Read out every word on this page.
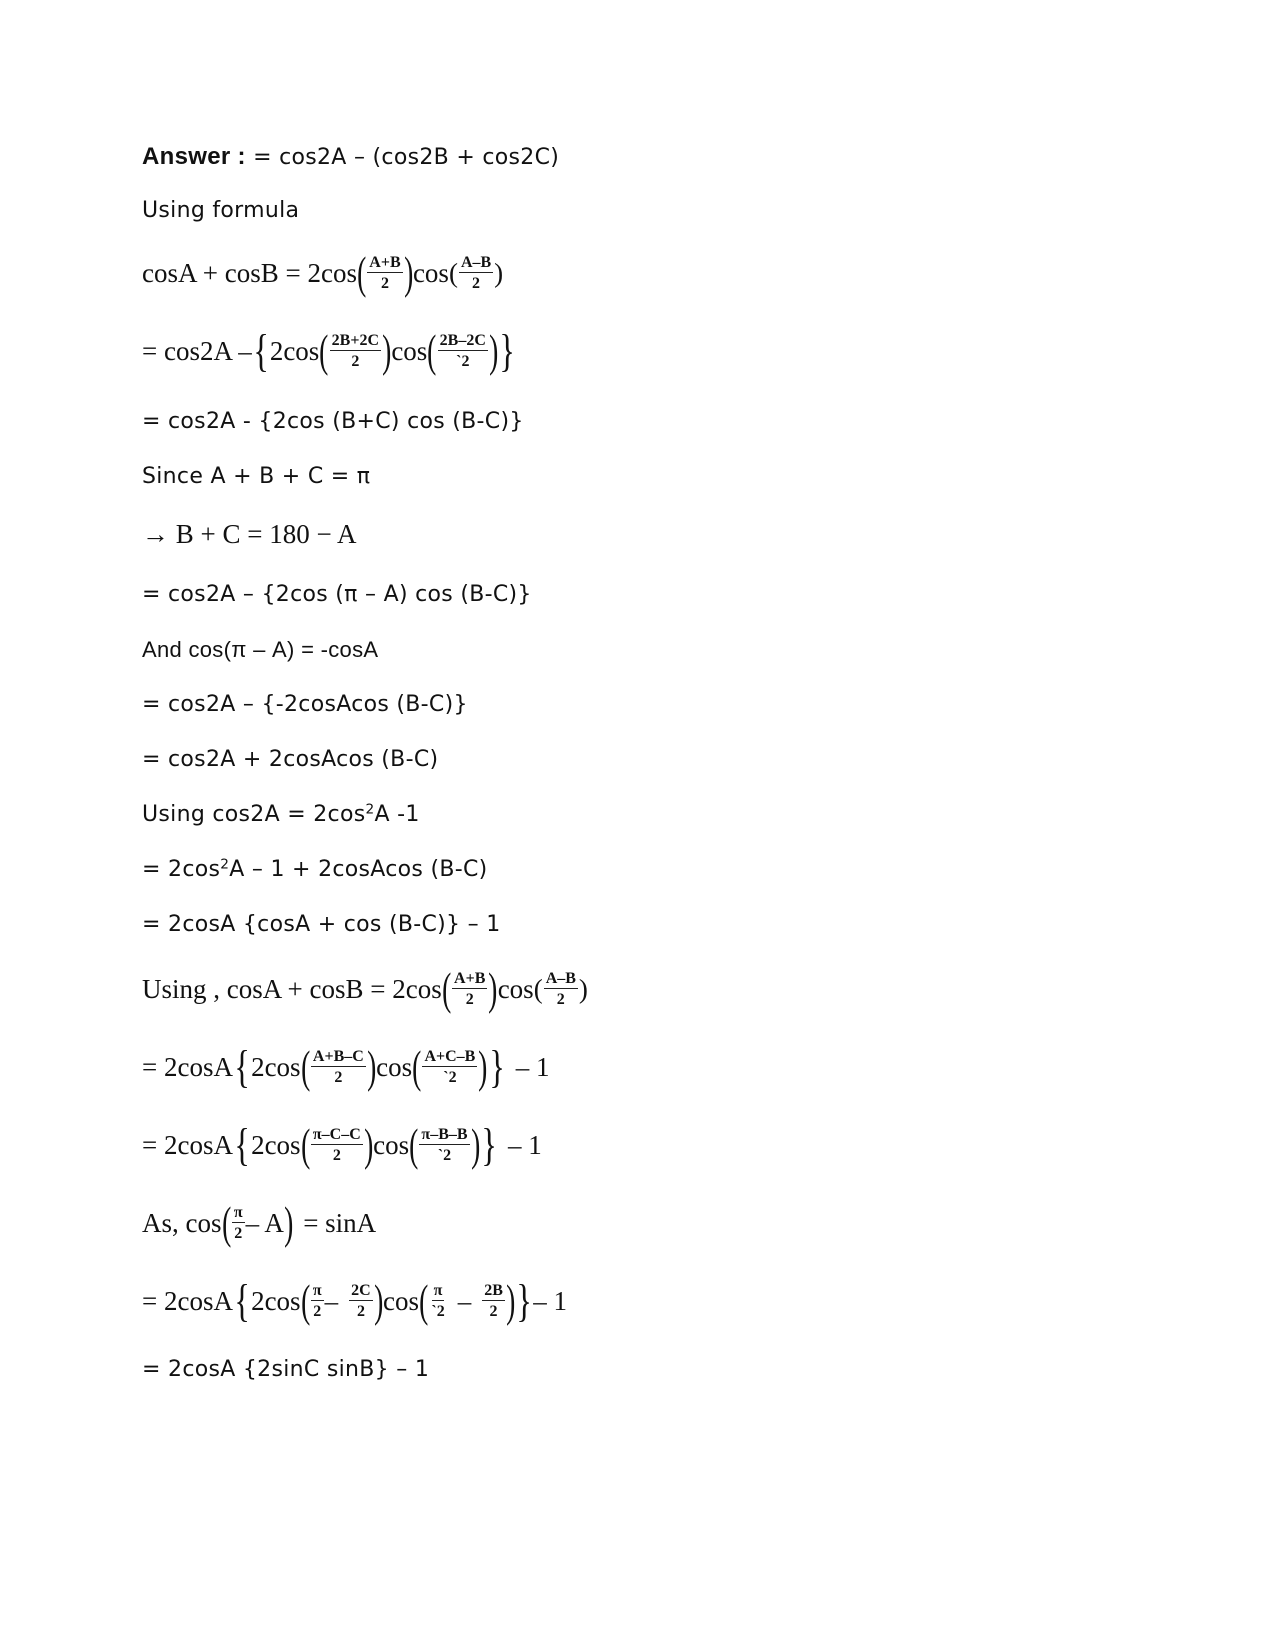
Answer : = cos2A – (cos2B + cos2C)
Using formula
cosA + cosB = 2cos ( A+B
2 ) cos( A–B
2 )
= cos2A – { 2cos ( 2B+2C
2 ) cos ( 2B–2C
`2 ) }
= cos2A - {2cos (B+C) cos (B-C)}
Since A + B + C = π
→ B + C = 180 − A
= cos2A – {2cos (π – A) cos (B-C)}
And cos(π – A) = -cosA
= cos2A – {-2cosAcos (B-C)}
= cos2A + 2cosAcos (B-C)
Using $\cos 2A = 2\cos^2A$ -1
= $2\cos^2A - 1$ + 2cosAcos (B-C)
= 2cosA {cosA + cos (B-C)} – 1
Using , cosA + cosB = 2cos ( A+B
2 ) cos( A–B
2 )
= 2cosA { 2cos ( A+B–C
2 ) cos ( A+C–B
`2 ) } – 1
= 2cosA { 2cos ( π–C–C
2 ) cos ( π–B–B
`2 ) } – 1
As, cos ( π
2 – A ) = sinA
= 2cosA { 2cos ( π
2 – 2C
2 ) cos ( π
`2 – 2B
2 ) } – 1
= 2cosA {2sinC sinB} – 1
